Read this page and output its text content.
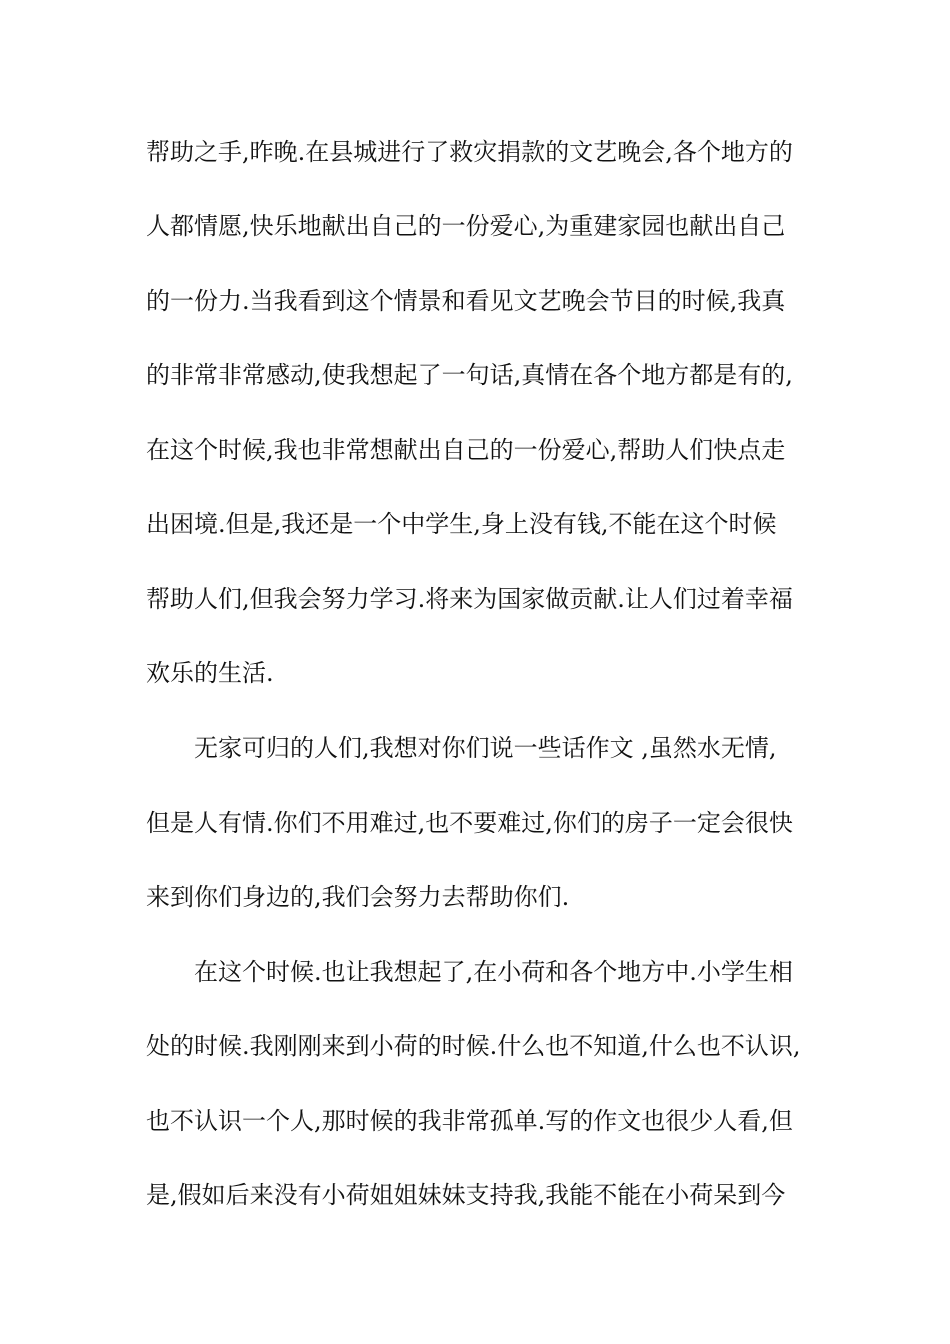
帮助之手,昨晚.在县城进行了救灾捐款的文艺晚会,各个地方的
人都情愿,快乐地献出自己的一份爱心,为重建家园也献出自己
的一份力.当我看到这个情景和看见文艺晚会节目的时候,我真
的非常非常感动,使我想起了一句话,真情在各个地方都是有的,
在这个时候,我也非常想献出自己的一份爱心,帮助人们快点走
出困境.但是,我还是一个中学生,身上没有钱,不能在这个时候
帮助人们,但我会努力学习.将来为国家做贡献.让人们过着幸福
欢乐的生活.
无家可归的人们,我想对你们说一些话作文 ,虽然水无情,
但是人有情.你们不用难过,也不要难过,你们的房子一定会很快
来到你们身边的,我们会努力去帮助你们.
在这个时候.也让我想起了,在小荷和各个地方中.小学生相
处的时候.我刚刚来到小荷的时候.什么也不知道,什么也不认识,
也不认识一个人,那时候的我非常孤单.写的作文也很少人看,但
是,假如后来没有小荷姐姐妹妹支持我,我能不能在小荷呆到今
